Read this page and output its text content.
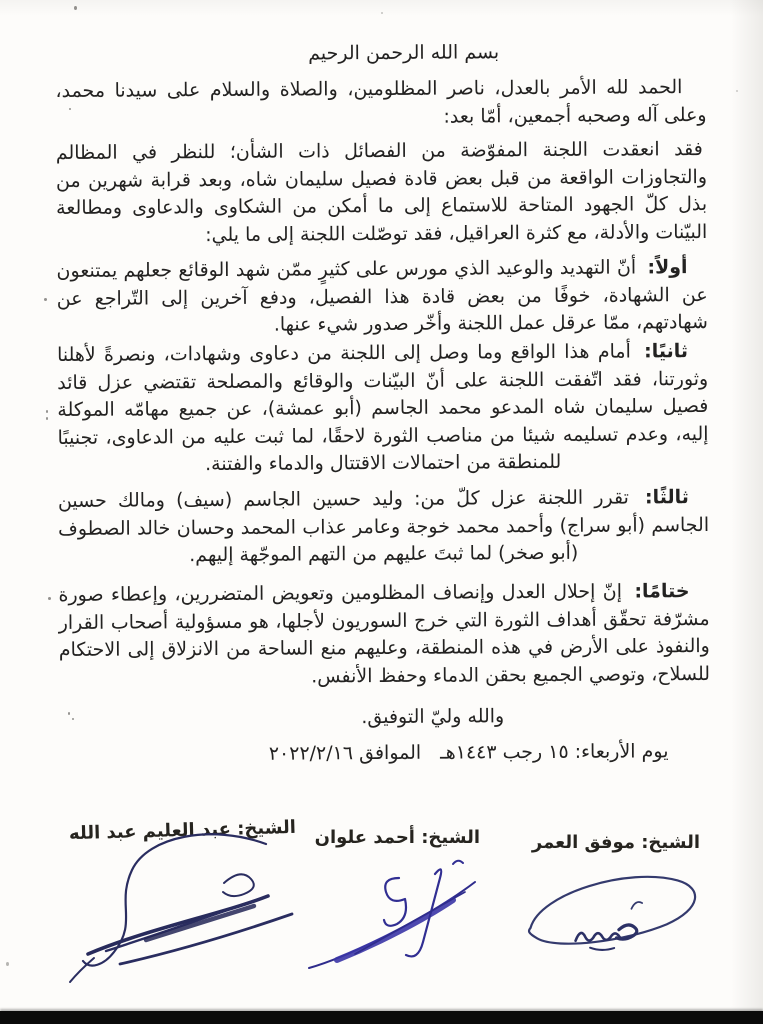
بسم الله الرحمن الرحيم

الحمد لله الأمر بالعدل، ناصر المظلومين، والصلاة والسلام على سيدنا محمد، وعلى آله وصحبه أجمعين، أمّا بعد:

فقد انعقدت اللجنة المفوّضة من الفصائل ذات الشأن؛ للنظر في المظالم والتجاوزات الواقعة من قبل بعض قادة فصيل سليمان شاه، وبعد قرابة شهرين من بذل كلّ الجهود المتاحة للاستماع إلى ما أمكن من الشكاوى والدعاوى ومطالعة البيّنات والأدلة، مع كثرة العراقيل، فقد توصّلت اللجنة إلى ما يلي:

أولاً: أنّ التهديد والوعيد الذي مورس على كثيرٍ ممّن شهد الوقائع جعلهم يمتنعون عن الشهادة، خوفًا من بعض قادة هذا الفصيل، ودفع آخرين إلى التّراجع عن شهادتهم، ممّا عرقل عمل اللجنة وأخّر صدور شيء عنها.

ثانيًا: أمام هذا الواقع وما وصل إلى اللجنة من دعاوى وشهادات، ونصرةً لأهلنا وثورتنا، فقد اتّفقت اللجنة على أنّ البيّنات والوقائع والمصلحة تقتضي عزل قائد فصيل سليمان شاه المدعو محمد الجاسم (أبو عمشة)، عن جميع مهامّه الموكلة إليه، وعدم تسليمه شيئا من مناصب الثورة لاحقًا، لما ثبت عليه من الدعاوى، تجنيبًا للمنطقة من احتمالات الاقتتال والدماء والفتنة.

ثالثًا: تقرر اللجنة عزل كلّ من: وليد حسين الجاسم (سيف) ومالك حسين الجاسم (أبو سراج) وأحمد محمد خوجة وعامر عذاب المحمد وحسان خالد الصطوف (أبو صخر) لما ثبتَ عليهم من التهم الموجّهة إليهم.

ختامًا: إنّ إحلال العدل وإنصاف المظلومين وتعويض المتضررين، وإعطاء صورة مشرّفة تحقّق أهداف الثورة التي خرج السوريون لأجلها، هو مسؤولية أصحاب القرار والنفوذ على الأرض في هذه المنطقة، وعليهم منع الساحة من الانزلاق إلى الاحتكام للسلاح، وتوصي الجميع بحقن الدماء وحفظ الأنفس.

والله وليّ التوفيق.

يوم الأربعاء: ١٥ رجب ١٤٤٣هـ  الموافق ٢٠٢٢/٢/١٦

الشيخ: موفق العمر

الشيخ: أحمد علوان

الشيخ: عبد العليم عبد الله
